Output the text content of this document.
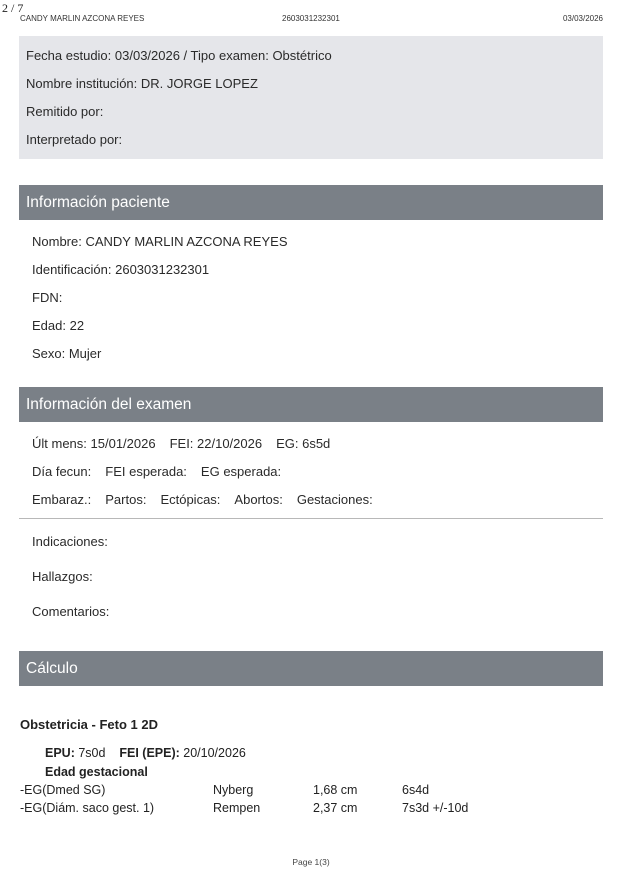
2 / 7
CANDY MARLIN AZCONA REYES	2603031232301	03/03/2026
Fecha estudio: 03/03/2026 / Tipo examen: Obstétrico
Nombre institución: DR. JORGE LOPEZ
Remitido por:
Interpretado por:
Información paciente
Nombre: CANDY MARLIN AZCONA REYES
Identificación: 2603031232301
FDN:
Edad: 22
Sexo: Mujer
Información del examen
Últ mens: 15/01/2026 FEI: 22/10/2026 EG: 6s5d
Día fecun: FEI esperada: EG esperada:
Embaraz.: Partos: Ectópicas: Abortos: Gestaciones:
Indicaciones:
Hallazgos:
Comentarios:
Cálculo
Obstetricia - Feto 1 2D
EPU: 7s0d FEI (EPE): 20/10/2026
Edad gestacional
-EG(Dmed SG)	Nyberg	1,68 cm	6s4d
-EG(Diám. saco gest. 1)	Rempen	2,37 cm	7s3d +/-10d
Page 1(3)
